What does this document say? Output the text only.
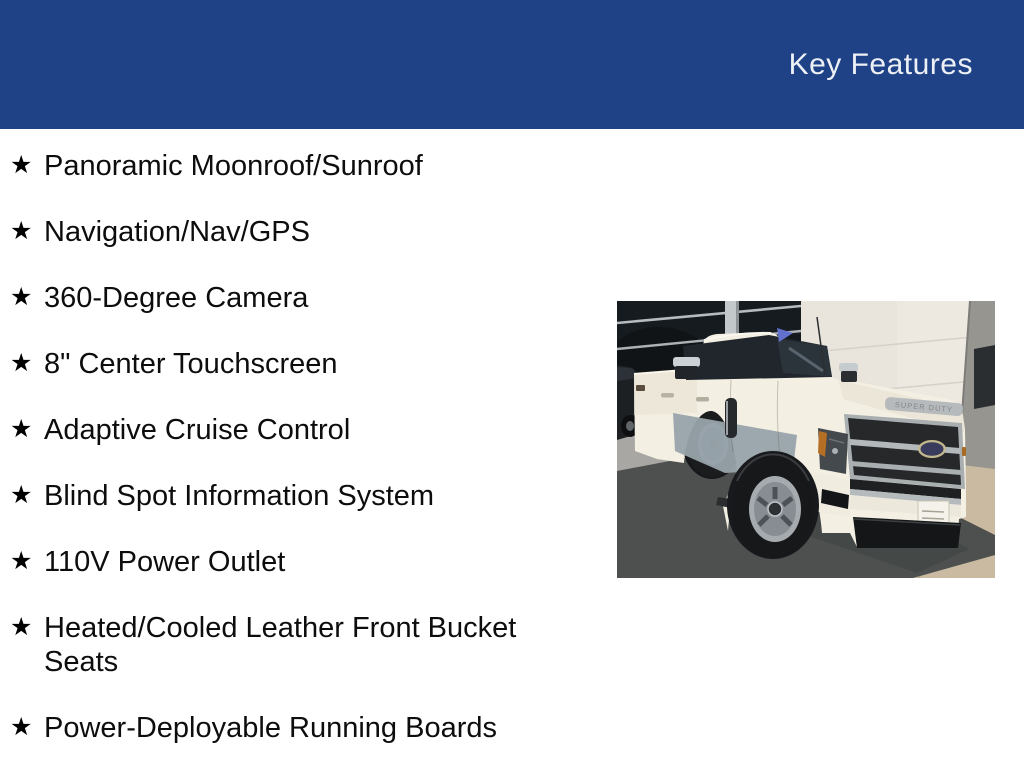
Key Features
★ Panoramic Moonroof/Sunroof
★ Navigation/Nav/GPS
★ 360-Degree Camera
★ 8" Center Touchscreen
★ Adaptive Cruise Control
★ Blind Spot Information System
★ 110V Power Outlet
★ Heated/Cooled Leather Front Bucket Seats
★ Power-Deployable Running Boards
SUPER DUTY
